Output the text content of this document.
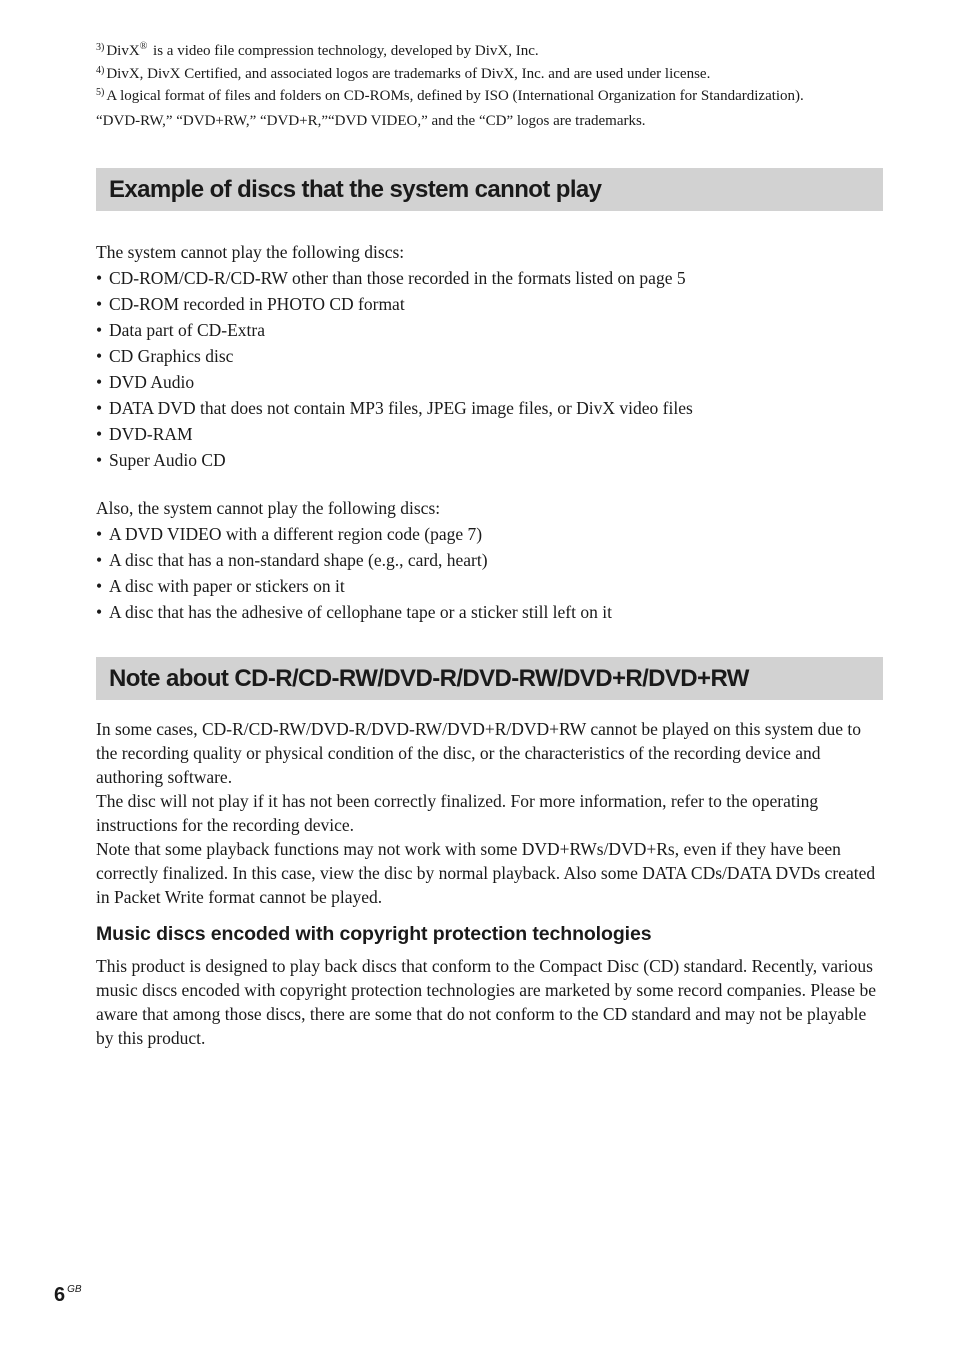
3) DivX® is a video file compression technology, developed by DivX, Inc.
4) DivX, DivX Certified, and associated logos are trademarks of DivX, Inc. and are used under license.
5) A logical format of files and folders on CD-ROMs, defined by ISO (International Organization for Standardization).
“DVD-RW,” “DVD+RW,” “DVD+R,”“DVD VIDEO,” and the “CD” logos are trademarks.
Example of discs that the system cannot play
The system cannot play the following discs:
• CD-ROM/CD-R/CD-RW other than those recorded in the formats listed on page 5
• CD-ROM recorded in PHOTO CD format
• Data part of CD-Extra
• CD Graphics disc
• DVD Audio
• DATA DVD that does not contain MP3 files, JPEG image files, or DivX video files
• DVD-RAM
• Super Audio CD
Also, the system cannot play the following discs:
• A DVD VIDEO with a different region code (page 7)
• A disc that has a non-standard shape (e.g., card, heart)
• A disc with paper or stickers on it
• A disc that has the adhesive of cellophane tape or a sticker still left on it
Note about CD-R/CD-RW/DVD-R/DVD-RW/DVD+R/DVD+RW
In some cases, CD-R/CD-RW/DVD-R/DVD-RW/DVD+R/DVD+RW cannot be played on this system due to the recording quality or physical condition of the disc, or the characteristics of the recording device and authoring software.
The disc will not play if it has not been correctly finalized. For more information, refer to the operating instructions for the recording device.
Note that some playback functions may not work with some DVD+RWs/DVD+Rs, even if they have been correctly finalized. In this case, view the disc by normal playback. Also some DATA CDs/DATA DVDs created in Packet Write format cannot be played.
Music discs encoded with copyright protection technologies
This product is designed to play back discs that conform to the Compact Disc (CD) standard. Recently, various music discs encoded with copyright protection technologies are marketed by some record companies. Please be aware that among those discs, there are some that do not conform to the CD standard and may not be playable by this product.
6 $^{GB}$
